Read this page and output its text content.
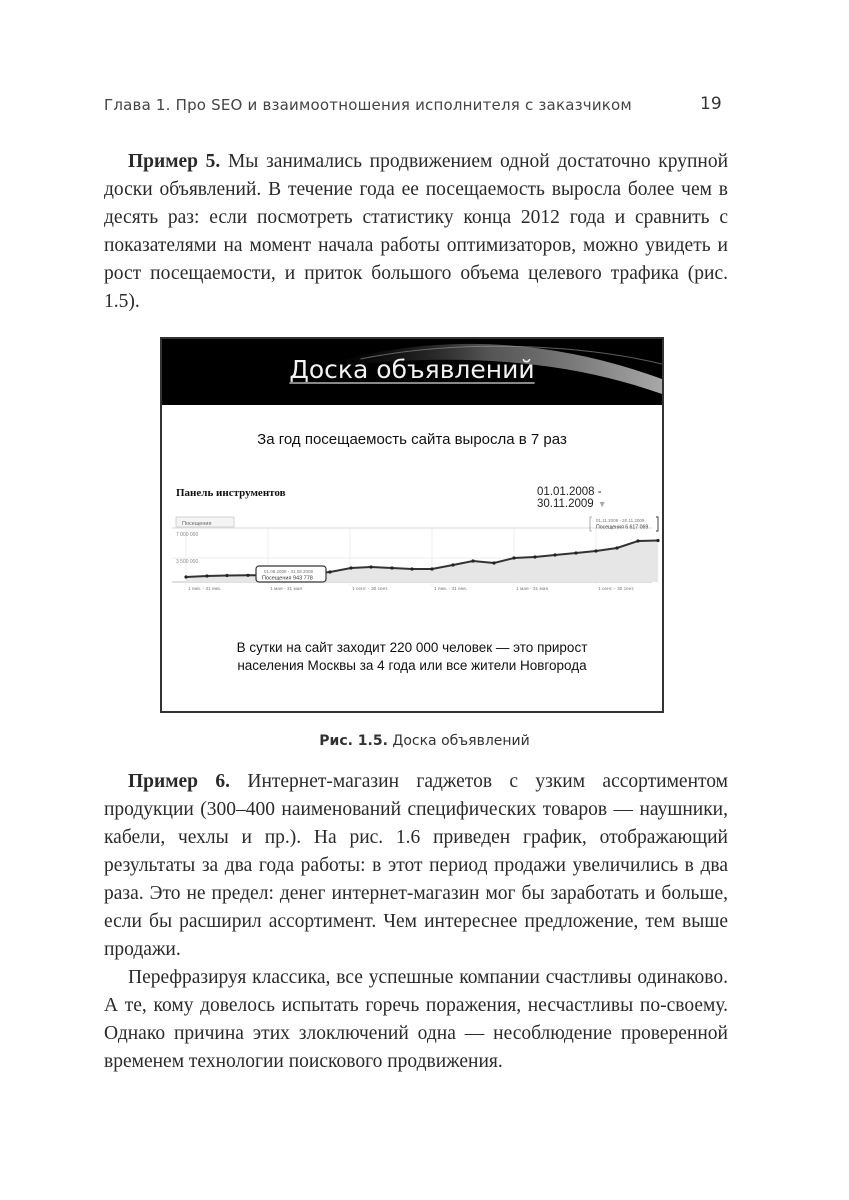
Глава 1. Про SEO и взаимоотношения исполнителя с заказчиком	19
Пример 5. Мы занимались продвижением одной достаточно крупной доски объявлений. В течение года ее посещаемость выросла более чем в десять раз: если посмотреть статистику конца 2012 года и сравнить с показателями на момент начала работы оптимизаторов, можно увидеть и рост посещаемости, и приток большого объема целевого трафика (рис. 1.5).
Доска объявлений
За год посещаемость сайта выросла в 7 раз
Панель инструментов	01.01.2008 - 30.11.2009 ▼
Посещения
7 000 000
3 500 000
01.08.2008 - 31.08.2008
Посещения 943 778
01.11.2009 - 30.11.2009
Посещения 6 617 069
1 янв. - 31 янв.	1 мая - 31 мая	1 сент. - 30 сент.	1 янв. - 31 янв.	1 мая - 31 мая	1 сент. - 30 сент.
В сутки на сайт заходит 220 000 человек — это прирост
населения Москвы за 4 года или все жители Новгорода
Рис. 1.5. Доска объявлений
Пример 6. Интернет-магазин гаджетов с узким ассортиментом продукции (300–400 наименований специфических товаров — наушники, кабели, чехлы и пр.). На рис. 1.6 приведен график, отображающий результаты за два года работы: в этот период продажи увеличились в два раза. Это не предел: денег интернет-магазин мог бы заработать и больше, если бы расширил ассортимент. Чем интереснее предложение, тем выше продажи.
Перефразируя классика, все успешные компании счастливы одинаково. А те, кому довелось испытать горечь поражения, несчастливы по-своему. Однако причина этих злоключений одна — несоблюдение проверенной временем технологии поискового продвижения.
